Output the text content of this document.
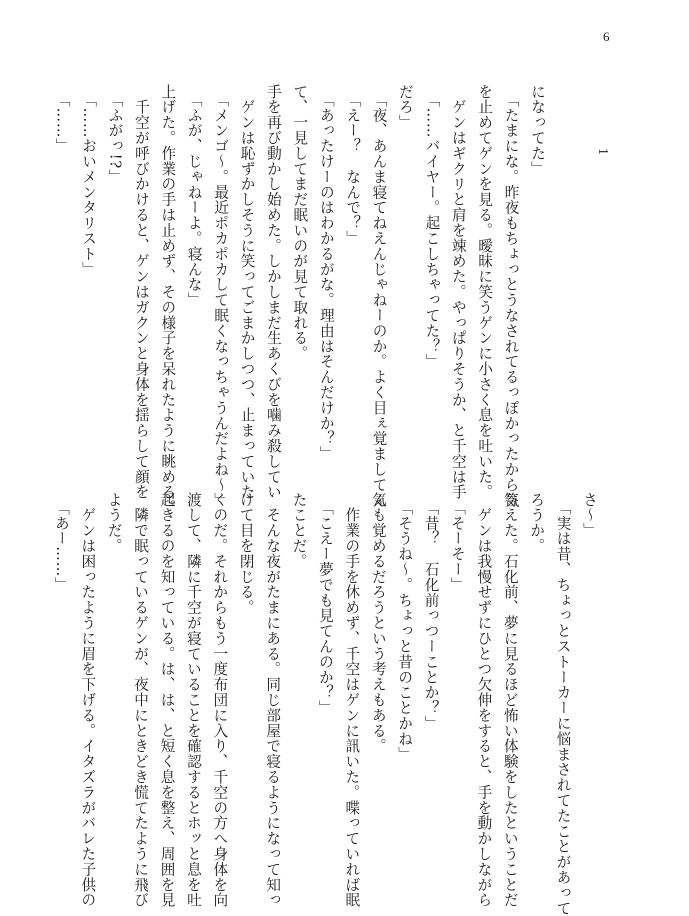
6
1
になってた」
　「たまにな。昨夜もちょっとうなされてるっぽかったから気
を止めてゲンを見る。曖昧に笑うゲンに小さく息を吐いた。
　ゲンはギクリと肩を竦めた。やっぱりそうか、と千空は手
　「……バイヤー。起こしちゃってた？」
だろ」
　「夜、あんま寝てねえんじゃねーのか。よく目ぇ覚ましてん
　「えー？　なんで？」
　「あったけーのはわかるがな。理由はそんだけか？」
て、一見してまだ眠いのが見て取れる。
手を再び動かし始めた。しかしまだ生あくびを噛み殺してい
　ゲンは恥ずかしそうに笑ってごまかしつつ、止まっていた
　「メンゴ〜。最近ポカポカして眠くなっちゃうんだよね〜」
　「ふが、じゃねーよ。寝んな」
上げた。作業の手は止めず、その様子を呆れたように眺める。
　千空が呼びかけると、ゲンはガクンと身体を揺らして顔を
　「ふがっ!?」
　「……おいメンタリスト」
　「……」
さ〜」
　「実は昔、ちょっとストーカーに悩まされてたことがあって
ろうか。
答えた。石化前、夢に見るほど怖い体験をしたということだ
　ゲンは我慢せずにひとつ欠伸をすると、手を動かしながら
　「そーそー」
　「昔？　石化前っつーことか？」
　「そうね〜。ちょっと昔のことかね」
気も覚めるだろうという考えもある。
　作業の手を休めず、千空はゲンに訊いた。喋っていれば眠
　「こえー夢でも見てんのか？」
たことだ。
　そんな夜がたまにある。同じ部屋で寝るようになって知っ
けて目を閉じる。
くのだ。それからもう一度布団に入り、千空の方へ身体を向
渡して、隣に千空が寝ていることを確認するとホッと息を吐
起きるのを知っている。は、は、と短く息を整え、周囲を見
　隣で眠っているゲンが、夜中にときどき慌てたように飛び
ようだ。
　ゲンは困ったように眉を下げる。イタズラがバレた子供の
　「あー……」
